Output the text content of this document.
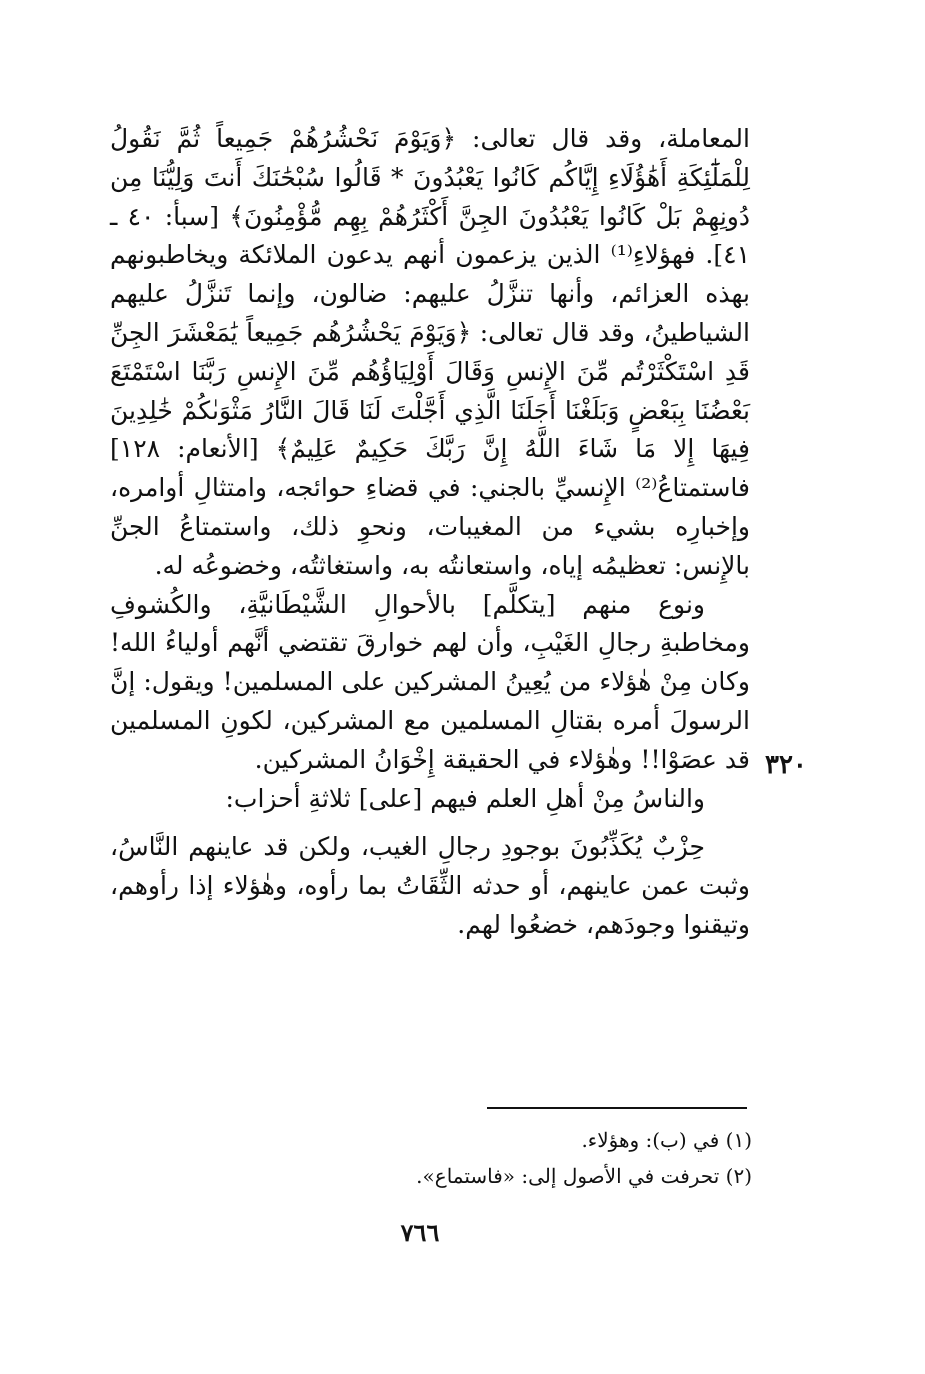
المعاملة، وقد قال تعالى: ﴿وَيَوْمَ نَحْشُرُهُمْ جَمِيعاً ثُمَّ نَقُولُ لِلْمَلَٰٓئِكَةِ أَهَٰؤُلَاءِ إِيَّاكُم كَانُوا يَعْبُدُونَ * قَالُوا سُبْحَٰنَكَ أَنتَ وَلِيُّنَا مِن دُونِهِمْ بَلْ كَانُوا يَعْبُدُونَ الجِنَّ أَكْثَرُهُمْ بِهِم مُّؤْمِنُونَ﴾ [سبأ: ٤٠ ـ ٤١]. فهؤلاءِ⁽¹⁾ الذين يزعمون أنهم يدعون الملائكة ويخاطبونهم بهذه العزائم، وأنها تنزَّلُ عليهم: ضالون، وإنما تَنزَّلُ عليهم الشياطينُ، وقد قال تعالى: ﴿وَيَوْمَ يَحْشُرُهُم جَمِيعاً يَٰمَعْشَرَ الجِنِّ قَدِ اسْتَكْثَرْتُم مِّنَ الإِنسِ وَقَالَ أَوْلِيَاؤُهُم مِّنَ الإِنسِ رَبَّنَا اسْتَمْتَعَ بَعْضُنَا بِبَعْضٍ وَبَلَغْنَا أَجَلَنَا الَّذِي أَجَّلْتَ لَنَا قَالَ النَّارُ مَثْوَىٰكُمْ خَٰلِدِينَ فِيهَا إِلا مَا شَاءَ اللَّهُ إِنَّ رَبَّكَ حَكِيمٌ عَلِيمٌ﴾ [الأنعام: ١٢٨] فاستمتاعُ⁽²⁾ الإِنسيِّ بالجني: في قضاءِ حوائجه، وامتثالِ أوامره، وإخبارِه بشيء من المغيبات، ونحوِ ذلك، واستمتاعُ الجنِّ بالإِنس: تعظيمُه إياه، واستعانتُه به، واستغاثتُه، وخضوعُه له.

ونوع منهم [يتكلَّم] بالأحوالِ الشَّيْطَانيَّةِ، والكُشوفِ ومخاطبةِ رجالِ الغَيْبِ، وأن لهم خوارقَ تقتضي أنَّهم أولياءُ الله! وكان مِنْ هٰؤلاء من يُعِينُ المشركين على المسلمين! ويقول: إنَّ الرسولَ أمره بقتالِ المسلمين مع المشركين، لكونِ المسلمين قد عصَوْا!! وهٰؤلاء في الحقيقة إِخْوَانُ المشركين.

والناسُ مِنْ أهلِ العلم فيهم [على] ثلاثةِ أحزاب:

حِزْبٌ يُكَذِّبُونَ بوجودِ رجالِ الغيب، ولكن قد عاينهم النَّاسُ، وثبت عمن عاينهم، أو حدثه الثِّقَاتُ بما رأوه، وهٰؤلاء إذا رأوهم، وتيقنوا وجودَهم، خضعُوا لهم.

٣٢٠

(١) في (ب): وهؤلاء.

(٢) تحرفت في الأصول إلى: «فاستماع».

٧٦٦
